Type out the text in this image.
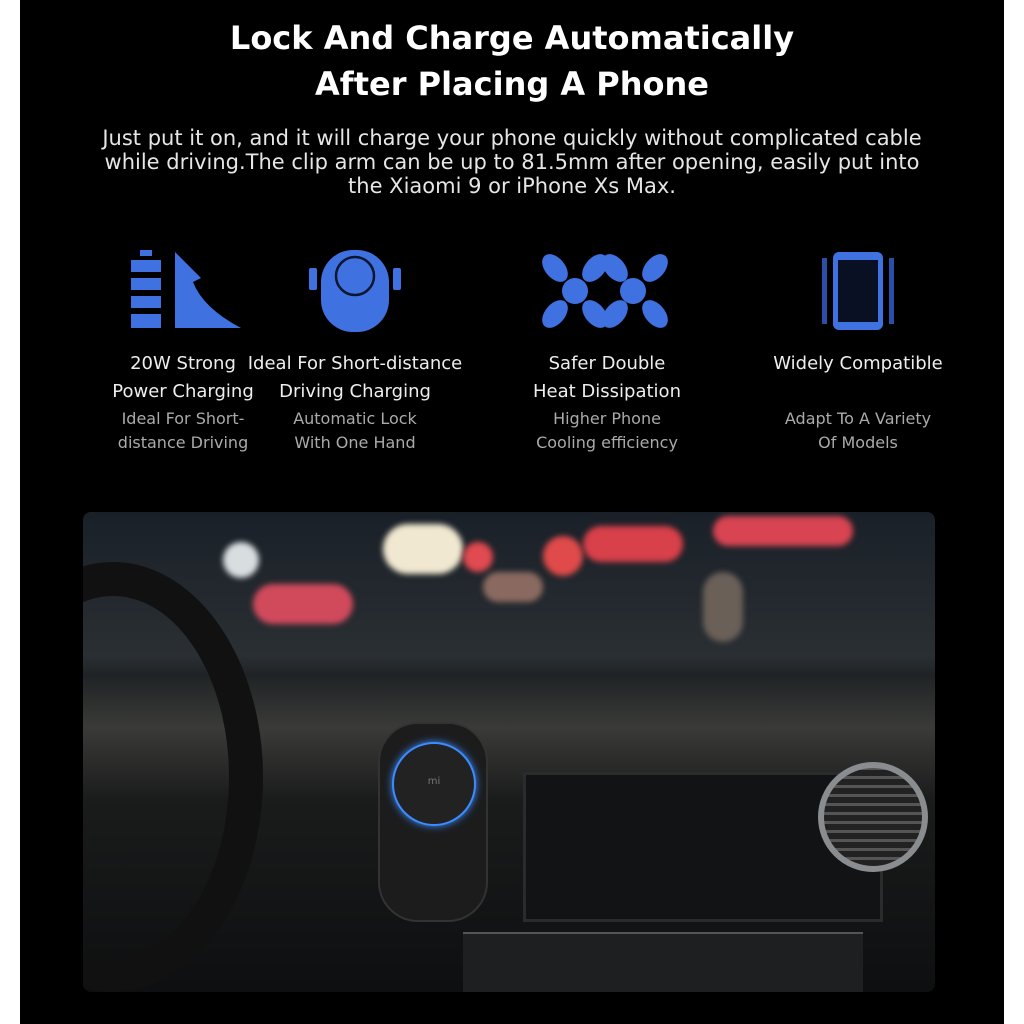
Lock And Charge Automatically
After Placing A Phone
Just put it on, and it will charge your phone quickly without complicated cable
while driving.The clip arm can be up to 81.5mm after opening, easily put into
the Xiaomi 9 or iPhone Xs Max.
20W Strong
Power Charging
Ideal For Short-
distance Driving
Ideal For Short-distance
Driving Charging
Automatic Lock
With One Hand
Safer Double
Heat Dissipation
Higher Phone
Cooling efficiency
Widely Compatible
Adapt To A Variety
Of Models
mi
